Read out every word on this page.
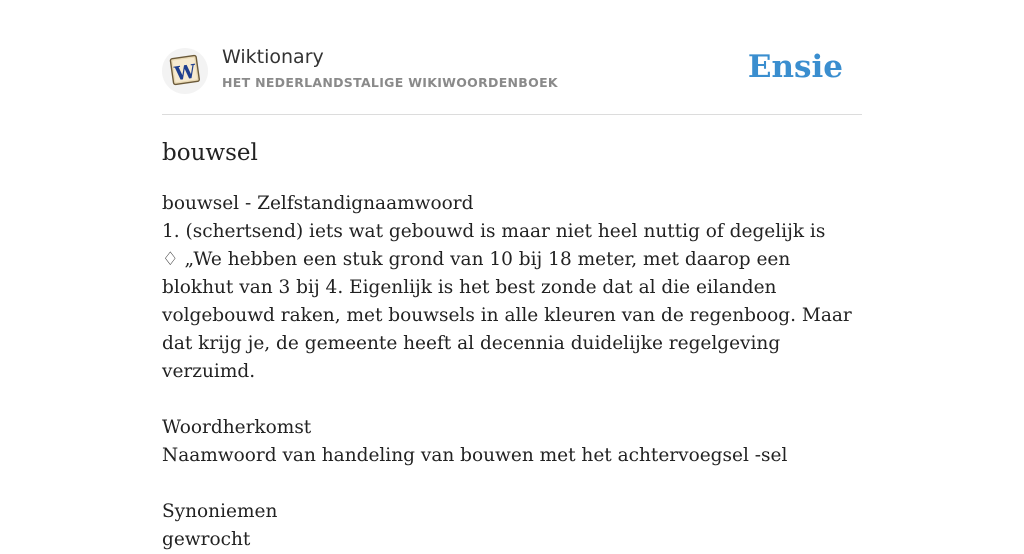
W
Wiktionary
HET NEDERLANDSTALIGE WIKIWOORDENBOEK	Ensie
bouwsel
bouwsel - Zelfstandignaamwoord
1. (schertsend) iets wat gebouwd is maar niet heel nuttig of degelijk is
♢ „We hebben een stuk grond van 10 bij 18 meter, met daarop een blokhut van 3 bij 4. Eigenlijk is het best zonde dat al die eilanden volgebouwd raken, met bouwsels in alle kleuren van de regenboog. Maar dat krijg je, de gemeente heeft al decennia duidelijke regelgeving verzuimd.
Woordherkomst
Naamwoord van handeling van bouwen met het achtervoegsel -sel
Synoniemen
gewrocht
